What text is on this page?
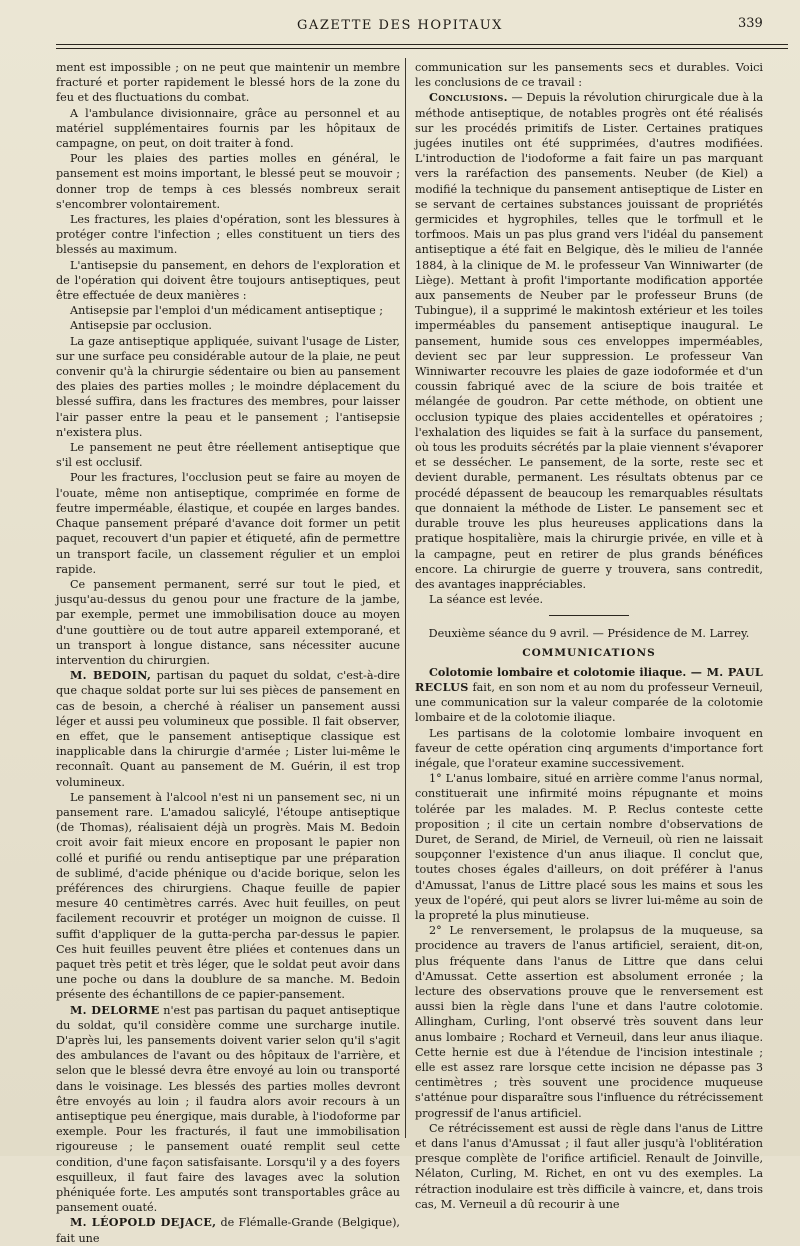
GAZETTE DES HOPITAUX	339

ment est impossible ; on ne peut que maintenir un membre fracturé et porter rapidement le blessé hors de la zone du feu et des fluctuations du combat.

A l'ambulance divisionnaire, grâce au personnel et au matériel supplémentaires fournis par les hôpitaux de campagne, on peut, on doit traiter à fond.

Pour les plaies des parties molles en général, le pansement est moins important, le blessé peut se mouvoir ; donner trop de temps à ces blessés nombreux serait s'encombrer volontairement.

Les fractures, les plaies d'opération, sont les blessures à protéger contre l'infection ; elles constituent un tiers des blessés au maximum.

L'antisepsie du pansement, en dehors de l'exploration et de l'opération qui doivent être toujours antiseptiques, peut être effectuée de deux manières :

Antisepsie par l'emploi d'un médicament antiseptique ;

Antisepsie par occlusion.

La gaze antiseptique appliquée, suivant l'usage de Lister, sur une surface peu considérable autour de la plaie, ne peut convenir qu'à la chirurgie sédentaire ou bien au pansement des plaies des parties molles ; le moindre déplacement du blessé suffira, dans les fractures des membres, pour laisser l'air passer entre la peau et le pansement ; l'antisepsie n'existera plus.

Le pansement ne peut être réellement antiseptique que s'il est occlusif.

Pour les fractures, l'occlusion peut se faire au moyen de l'ouate, même non antiseptique, comprimée en forme de feutre imperméable, élastique, et coupée en larges bandes. Chaque pansement préparé d'avance doit former un petit paquet, recouvert d'un papier et étiqueté, afin de permettre un transport facile, un classement régulier et un emploi rapide.

Ce pansement permanent, serré sur tout le pied, et jusqu'au-dessus du genou pour une fracture de la jambe, par exemple, permet une immobilisation douce au moyen d'une gouttière ou de tout autre appareil extemporané, et un transport à longue distance, sans nécessiter aucune intervention du chirurgien.

M. BEDOIN, partisan du paquet du soldat, c'est-à-dire que chaque soldat porte sur lui ses pièces de pansement en cas de besoin, a cherché à réaliser un pansement aussi léger et aussi peu volumineux que possible. Il fait observer, en effet, que le pansement antiseptique classique est inapplicable dans la chirurgie d'armée ; Lister lui-même le reconnaît. Quant au pansement de M. Guérin, il est trop volumineux.

Le pansement à l'alcool n'est ni un pansement sec, ni un pansement rare. L'amadou salicylé, l'étoupe antiseptique (de Thomas), réalisaient déjà un progrès. Mais M. Bedoin croit avoir fait mieux encore en proposant le papier non collé et purifié ou rendu antiseptique par une préparation de sublimé, d'acide phénique ou d'acide borique, selon les préférences des chirurgiens. Chaque feuille de papier mesure 40 centimètres carrés. Avec huit feuilles, on peut facilement recouvrir et protéger un moignon de cuisse. Il suffit d'appliquer de la gutta-percha par-dessus le papier. Ces huit feuilles peuvent être pliées et contenues dans un paquet très petit et très léger, que le soldat peut avoir dans une poche ou dans la doublure de sa manche. M. Bedoin présente des échantillons de ce papier-pansement.

M. DELORME n'est pas partisan du paquet antiseptique du soldat, qu'il considère comme une surcharge inutile. D'après lui, les pansements doivent varier selon qu'il s'agit des ambulances de l'avant ou des hôpitaux de l'arrière, et selon que le blessé devra être envoyé au loin ou transporté dans le voisinage. Les blessés des parties molles devront être envoyés au loin ; il faudra alors avoir recours à un antiseptique peu énergique, mais durable, à l'iodoforme par exemple. Pour les fracturés, il faut une immobilisation rigoureuse ; le pansement ouaté remplit seul cette condition, d'une façon satisfaisante. Lorsqu'il y a des foyers esquilleux, il faut faire des lavages avec la solution phéniquée forte. Les amputés sont transportables grâce au pansement ouaté.

M. LÉOPOLD DEJACE, de Flémalle-Grande (Belgique), fait une

communication sur les pansements secs et durables. Voici les conclusions de ce travail :

Conclusions. — Depuis la révolution chirurgicale due à la méthode antiseptique, de notables progrès ont été réalisés sur les procédés primitifs de Lister. Certaines pratiques jugées inutiles ont été supprimées, d'autres modifiées. L'introduction de l'iodoforme a fait faire un pas marquant vers la raréfaction des pansements. Neuber (de Kiel) a modifié la technique du pansement antiseptique de Lister en se servant de certaines substances jouissant de propriétés germicides et hygrophiles, telles que le torfmull et le torfmoos. Mais un pas plus grand vers l'idéal du pansement antiseptique a été fait en Belgique, dès le milieu de l'année 1884, à la clinique de M. le professeur Van Winniwarter (de Liège). Mettant à profit l'importante modification apportée aux pansements de Neuber par le professeur Bruns (de Tubingue), il a supprimé le makintosh extérieur et les toiles imperméables du pansement antiseptique inaugural. Le pansement, humide sous ces enveloppes imperméables, devient sec par leur suppression. Le professeur Van Winniwarter recouvre les plaies de gaze iodoformée et d'un coussin fabriqué avec de la sciure de bois traitée et mélangée de goudron. Par cette méthode, on obtient une occlusion typique des plaies accidentelles et opératoires ; l'exhalation des liquides se fait à la surface du pansement, où tous les produits sécrétés par la plaie viennent s'évaporer et se dessécher. Le pansement, de la sorte, reste sec et devient durable, permanent. Les résultats obtenus par ce procédé dépassent de beaucoup les remarquables résultats que donnaient la méthode de Lister. Le pansement sec et durable trouve les plus heureuses applications dans la pratique hospitalière, mais la chirurgie privée, en ville et à la campagne, peut en retirer de plus grands bénéfices encore. La chirurgie de guerre y trouvera, sans contredit, des avantages inappréciables.

La séance est levée.

Deuxième séance du 9 avril. — Présidence de M. Larrey.

COMMUNICATIONS

Colotomie lombaire et colotomie iliaque. — M. PAUL RECLUS fait, en son nom et au nom du professeur Verneuil, une communication sur la valeur comparée de la colotomie lombaire et de la colotomie iliaque.

Les partisans de la colotomie lombaire invoquent en faveur de cette opération cinq arguments d'importance fort inégale, que l'orateur examine successivement.

1° L'anus lombaire, situé en arrière comme l'anus normal, constituerait une infirmité moins répugnante et moins tolérée par les malades. M. P. Reclus conteste cette proposition ; il cite un certain nombre d'observations de Duret, de Serand, de Miriel, de Verneuil, où rien ne laissait soupçonner l'existence d'un anus iliaque. Il conclut que, toutes choses égales d'ailleurs, on doit préférer à l'anus d'Amussat, l'anus de Littre placé sous les mains et sous les yeux de l'opéré, qui peut alors se livrer lui-même au soin de la propreté la plus minutieuse.

2° Le renversement, le prolapsus de la muqueuse, sa procidence au travers de l'anus artificiel, seraient, dit-on, plus fréquente dans l'anus de Littre que dans celui d'Amussat. Cette assertion est absolument erronée ; la lecture des observations prouve que le renversement est aussi bien la règle dans l'une et dans l'autre colotomie. Allingham, Curling, l'ont observé très souvent dans leur anus lombaire ; Rochard et Verneuil, dans leur anus iliaque. Cette hernie est due à l'étendue de l'incision intestinale ; elle est assez rare lorsque cette incision ne dépasse pas 3 centimètres ; très souvent une procidence muqueuse s'atténue pour disparaître sous l'influence du rétrécissement progressif de l'anus artificiel.

Ce rétrécissement est aussi de règle dans l'anus de Littre et dans l'anus d'Amussat ; il faut aller jusqu'à l'oblitération presque complète de l'orifice artificiel. Renault de Joinville, Nélaton, Curling, M. Richet, en ont vu des exemples. La rétraction inodulaire est très difficile à vaincre, et, dans trois cas, M. Verneuil a dû recourir à une
